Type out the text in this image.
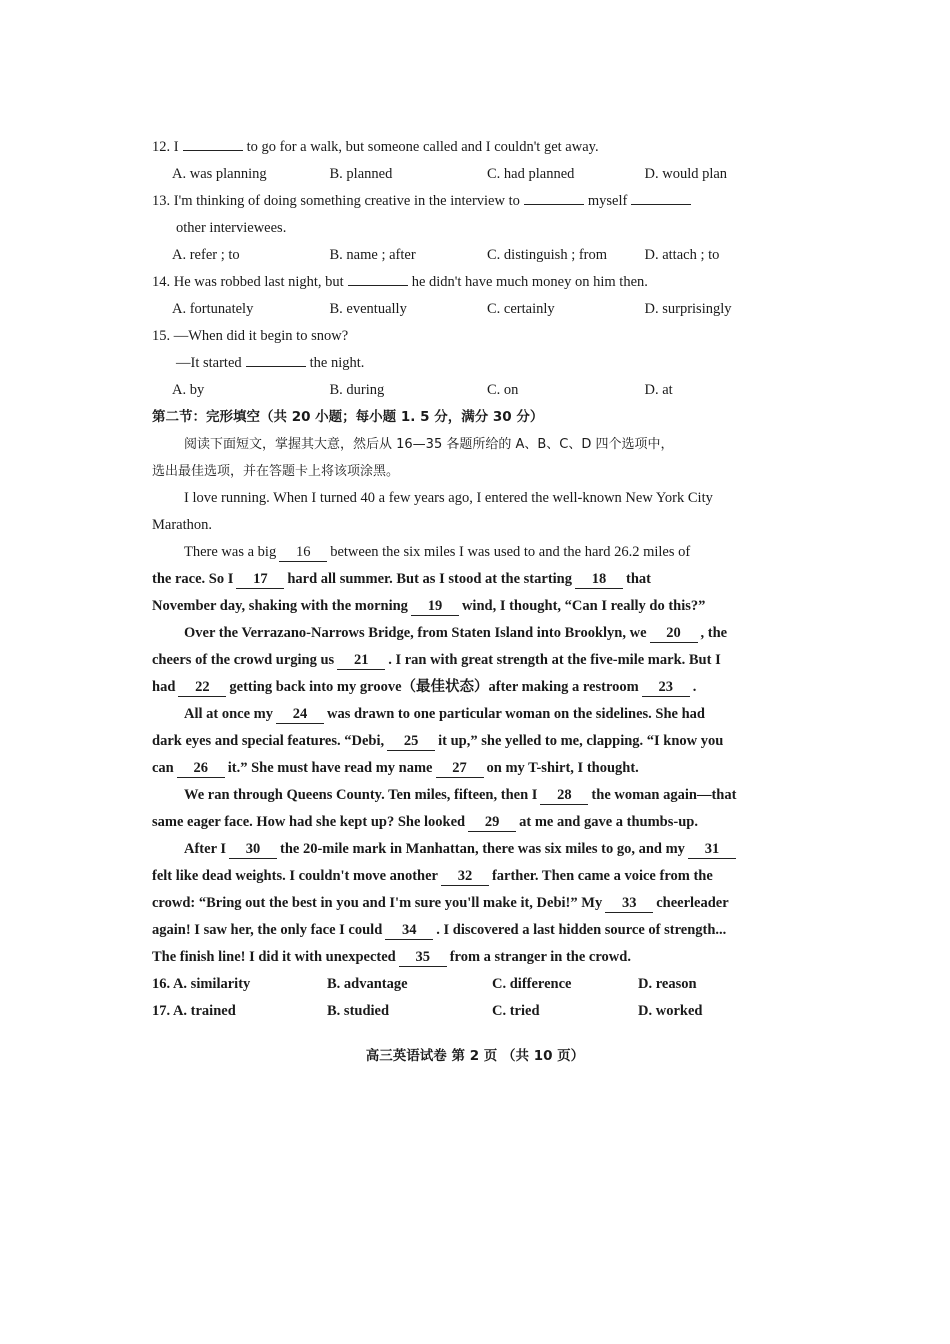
12. I	to go for a walk, but someone called and I couldn't get away.
A. was planning	B. planned	C. had planned	D. would plan
13. I'm thinking of doing something creative in the interview to	myself
other interviewees.
A. refer ; to	B. name ; after	C. distinguish ; from	D. attach ; to
14. He was robbed last night, but	he didn't have much money on him then.
A. fortunately	B. eventually	C. certainly	D. surprisingly
15. —When did it begin to snow?
—It started	the night.
A. by	B. during	C. on	D. at
第二节：完形填空（共 20 小题；每小题 1. 5 分，满分 30 分）
阅读下面短文，掌握其大意，然后从 16—35 各题所给的 A、B、C、D 四个选项中，
选出最佳选项，并在答题卡上将该项涂黑。
I love running. When I turned 40 a few years ago, I entered the well-known New York City
Marathon.
There was a big 16 between the six miles I was used to and the hard 26.2 miles of
the race. So I 17 hard all summer. But as I stood at the starting 18 that
November day, shaking with the morning 19 wind, I thought, “Can I really do this?”
Over the Verrazano-Narrows Bridge, from Staten Island into Brooklyn, we 20 , the
cheers of the crowd urging us 21 . I ran with great strength at the five-mile mark. But I
had 22 getting back into my groove（最佳状态）after making a restroom 23 .
All at once my 24 was drawn to one particular woman on the sidelines. She had
dark eyes and special features. “Debi, 25 it up,” she yelled to me, clapping. “I know you
can 26 it.” She must have read my name 27 on my T-shirt, I thought.
We ran through Queens County. Ten miles, fifteen, then I 28 the woman again—that
same eager face. How had she kept up? She looked 29 at me and gave a thumbs-up.
After I 30 the 20-mile mark in Manhattan, there was six miles to go, and my 31
felt like dead weights. I couldn't move another 32 farther. Then came a voice from the
crowd: “Bring out the best in you and I'm sure you'll make it, Debi!” My 33 cheerleader
again! I saw her, the only face I could 34 . I discovered a last hidden source of strength...
The finish line! I did it with unexpected 35 from a stranger in the crowd.
16. A. similarity	B. advantage	C. difference	D. reason
17. A. trained	B. studied	C. tried	D. worked
高三英语试卷 第 2 页 （共 10 页）
